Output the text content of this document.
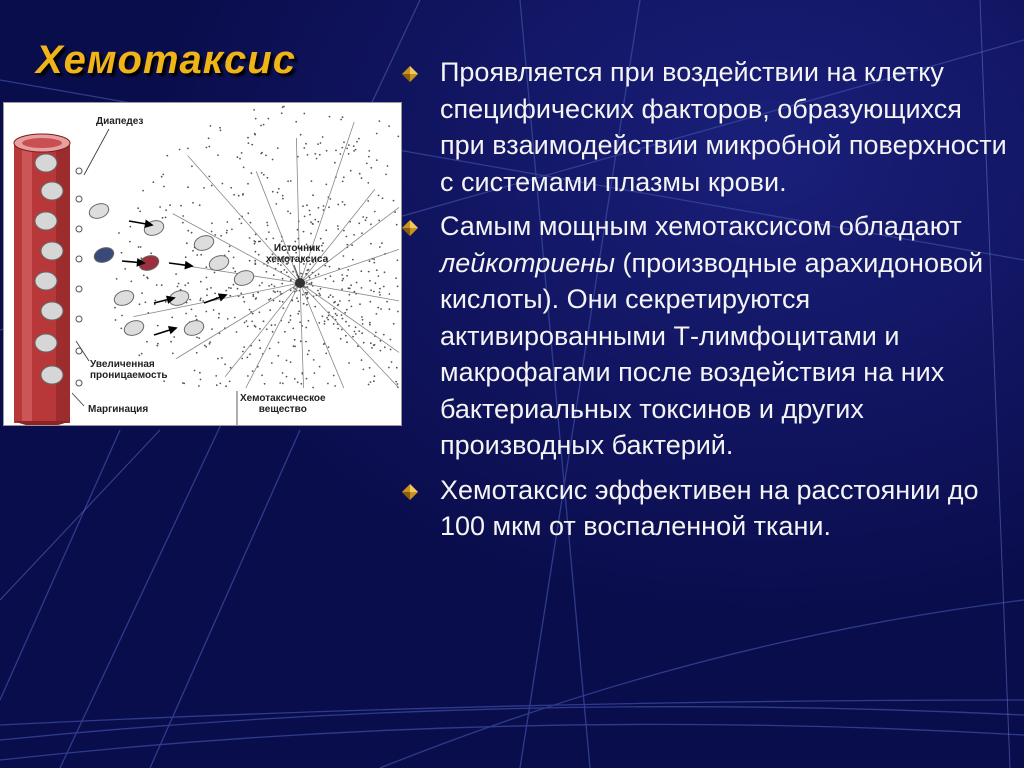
Хемотаксис
Диапедез
Источник
хемотаксиса
Увеличенная
проницаемость
Маргинация
Хемотаксическое
вещество
Проявляется при воздействии на клетку специфических факторов, образующихся при взаимодействии микробной поверхности с системами плазмы крови.
Самым мощным хемотаксисом обладают лейкотриены (производные арахидоновой кислоты). Они секретируются активированными Т-лимфоцитами и макрофагами после воздействия на них бактериальных токсинов и других производных бактерий.
Хемотаксис эффективен на расстоянии до 100 мкм от воспаленной ткани.
